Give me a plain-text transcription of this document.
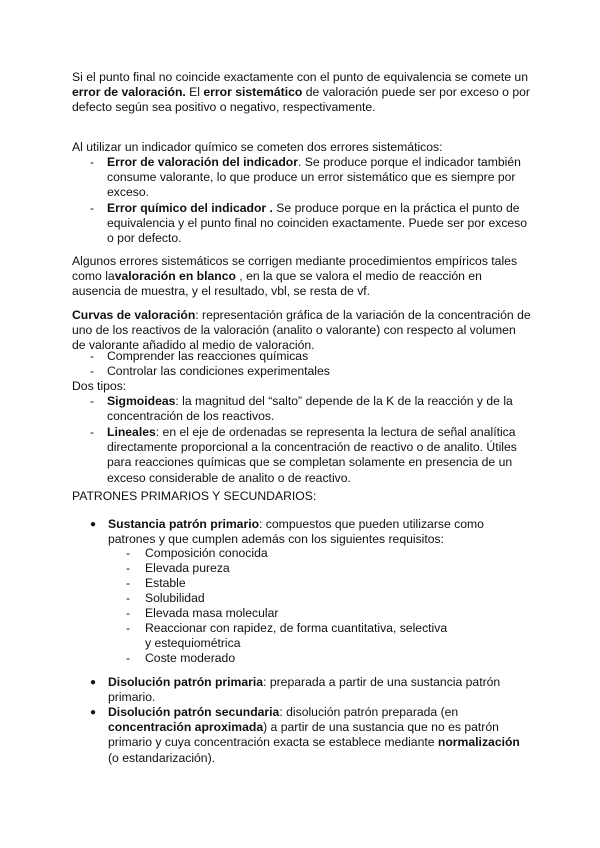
Si el punto final no coincide exactamente con el punto de equivalencia se comete un error de valoración. El error sistemático de valoración puede ser por exceso o por defecto según sea positivo o negativo, respectivamente.

Al utilizar un indicador químico se cometen dos errores sistemáticos:

- Error de valoración del indicador. Se produce porque el indicador también consume valorante, lo que produce un error sistemático que es siempre por exceso.
- Error químico del indicador . Se produce porque en la práctica el punto de equivalencia y el punto final no coinciden exactamente. Puede ser por exceso o por defecto.

Algunos errores sistemáticos se corrigen mediante procedimientos empíricos tales como lavaloración en blanco , en la que se valora el medio de reacción en ausencia de muestra, y el resultado, vbl, se resta de vf.

Curvas de valoración: representación gráfica de la variación de la concentración de uno de los reactivos de la valoración (analito o valorante) con respecto al volumen de valorante añadido al medio de valoración.

- Comprender las reacciones químicas
- Controlar las condiciones experimentales

Dos tipos:

- Sigmoideas: la magnitud del “salto” depende de la K de la reacción y de la concentración de los reactivos.
- Lineales: en el eje de ordenadas se representa la lectura de señal analítica directamente proporcional a la concentración de reactivo o de analito. Útiles para reacciones químicas que se completan solamente en presencia de un exceso considerable de analito o de reactivo.

PATRONES PRIMARIOS Y SECUNDARIOS:

● Sustancia patrón primario: compuestos que pueden utilizarse como patrones y que cumplen además con los siguientes requisitos:
- Composición conocida
- Elevada pureza
- Estable
- Solubilidad
- Elevada masa molecular
- Reaccionar con rapidez, de forma cuantitativa, selectiva y estequiométrica
- Coste moderado
● Disolución patrón primaria: preparada a partir de una sustancia patrón primario.
● Disolución patrón secundaria: disolución patrón preparada (en concentración aproximada) a partir de una sustancia que no es patrón primario y cuya concentración exacta se establece mediante normalización (o estandarización).
